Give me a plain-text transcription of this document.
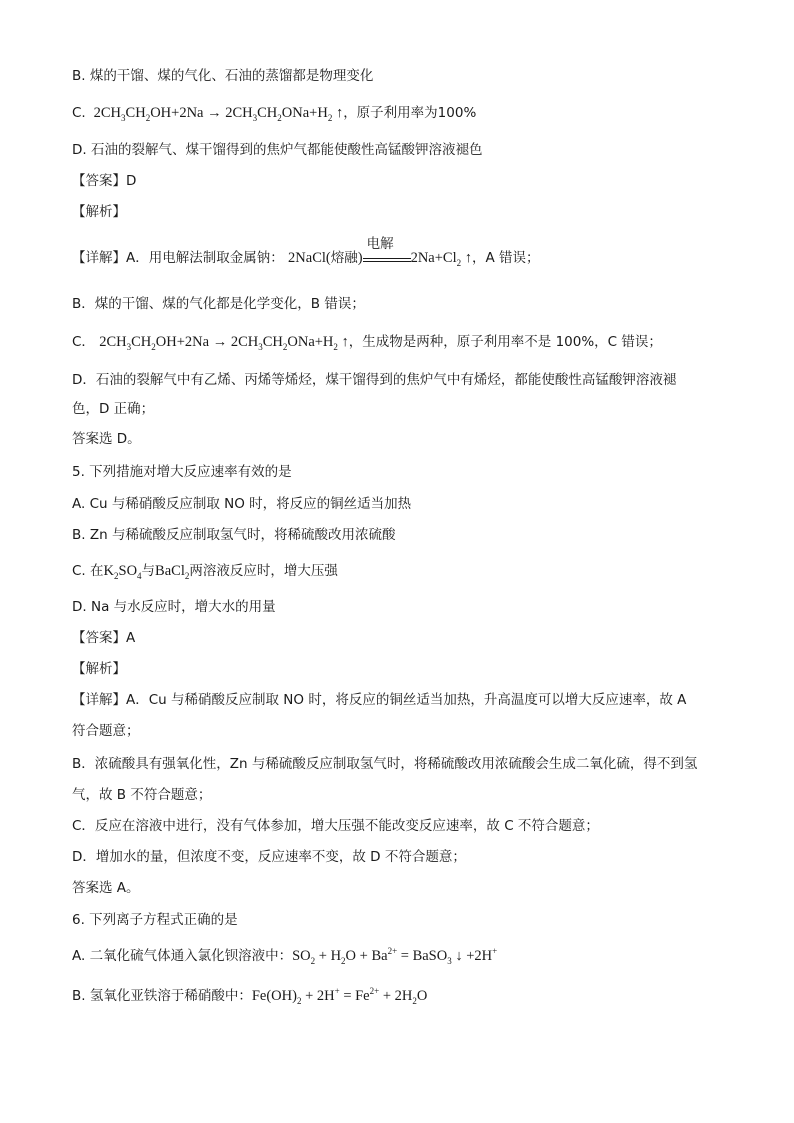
B. 煤的干馏、煤的气化、石油的蒸馏都是物理变化
C.  $2CH_3CH_2OH+2Na \to 2CH_3CH_2ONa+H_2$ ↑，原子利用率为100%
D. 石油的裂解气、煤干馏得到的焦炉气都能使酸性高锰酸钾溶液褪色
【答案】D
【解析】
【详解】A．用电解法制取金属钠： 2NaCl(熔融)
电解
$2Na+Cl_2$ ↑，A 错误；
B．煤的干馏、煤的气化都是化学变化，B 错误；
C． $2CH_3CH_2OH+2Na \to 2CH_3CH_2ONa+H_2$ ↑，生成物是两种，原子利用率不是 100%，C 错误；
D．石油的裂解气中有乙烯、丙烯等烯烃，煤干馏得到的焦炉气中有烯烃，都能使酸性高锰酸钾溶液褪
色，D 正确；
答案选 D。
5. 下列措施对增大反应速率有效的是
A. Cu 与稀硝酸反应制取 NO 时，将反应的铜丝适当加热
B. Zn 与稀硫酸反应制取氢气时，将稀硫酸改用浓硫酸
C. 在$K_2SO_4$与BaCl$_2$两溶液反应时，增大压强
D. Na 与水反应时，增大水的用量
【答案】A
【解析】
【详解】A．Cu 与稀硝酸反应制取 NO 时，将反应的铜丝适当加热，升高温度可以增大反应速率，故 A
符合题意；
B．浓硫酸具有强氧化性，Zn 与稀硫酸反应制取氢气时，将稀硫酸改用浓硫酸会生成二氧化硫，得不到氢
气，故 B 不符合题意；
C．反应在溶液中进行，没有气体参加，增大压强不能改变反应速率，故 C 不符合题意；
D．增加水的量，但浓度不变，反应速率不变，故 D 不符合题意；
答案选 A。
6. 下列离子方程式正确的是
A. 二氧化硫气体通入氯化钡溶液中：$SO_2 + H_2O + Ba^{2+}$ = BaSO$_3$ ↓ +2H+
B. 氢氧化亚铁溶于稀硝酸中：$Fe(OH)_2 + 2H^+ = Fe^{2+} + 2H_2O$
